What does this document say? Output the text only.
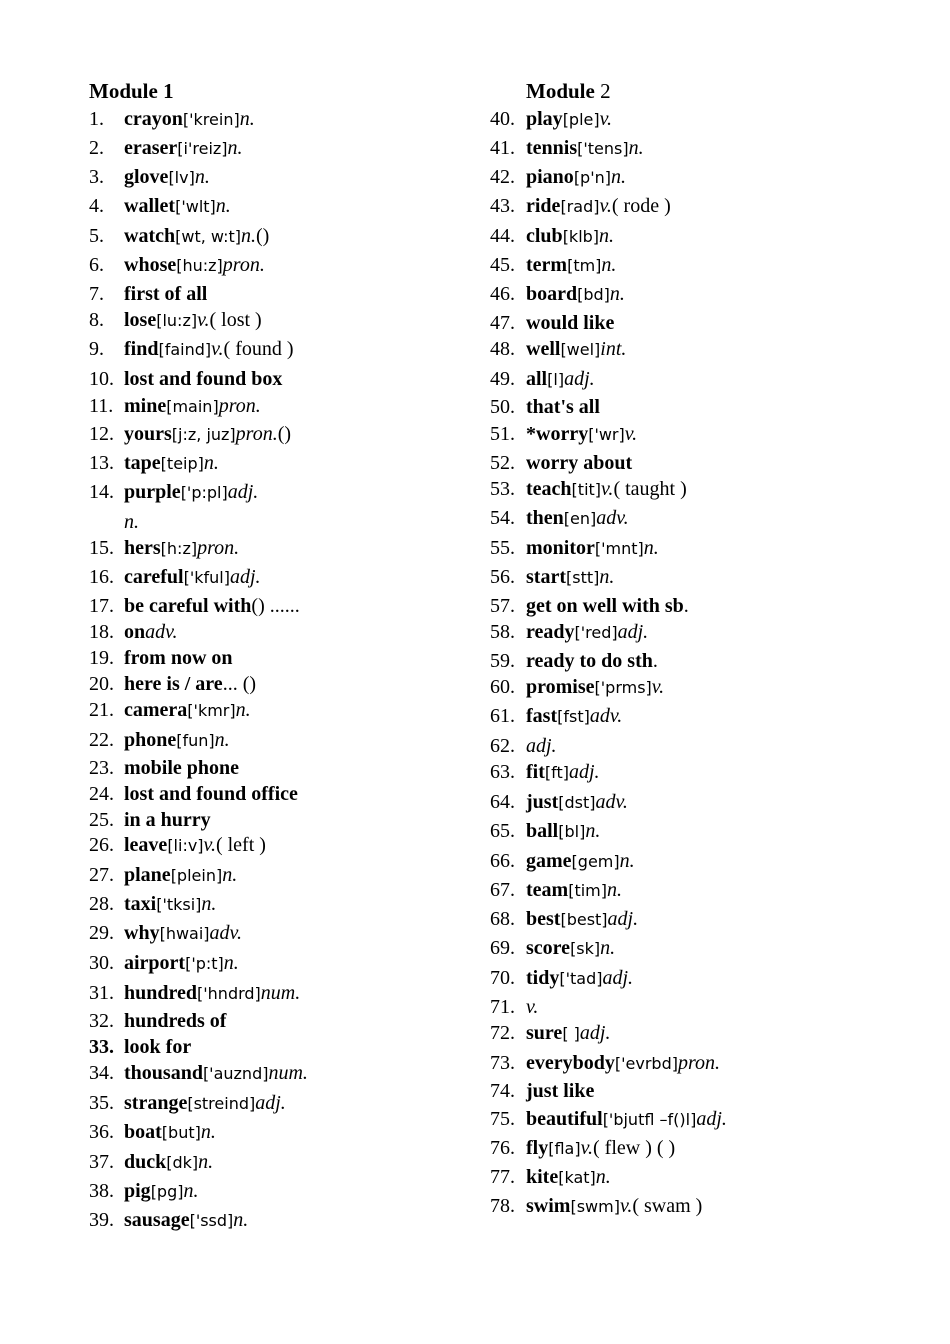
Module 1
1.	crayon ['krein] n.
2.	eraser [i'reiz] n.
3.	glove [lv] n.
4.	wallet ['wlt] n.
5.	watch [wt, w:t] n. ()
6.	whose [hu:z] pron.
7.	first of all
8.	lose [lu:z] v. ( lost )
9.	find [faind] v. ( found )
10. lost and found box
11. mine [main] pron.
12. yours [j:z, juz] pron. ()
13. tape [teip] n.
14. purple ['p:pl] adj.
n.
15. hers [h:z] pron.
16. careful ['kful] adj.
17. be careful with () ......
18. on adv.
19. from now on
20. here is / are ... ()
21. camera ['kmr] n.
22. phone [fun] n.
23. mobile phone
24. lost and found office
25. in a hurry
26. leave [li:v] v. ( left )
27. plane [plein] n.
28. taxi ['tksi] n.
29. why [hwai] adv.
30. airport ['p:t] n.
31. hundred ['hndrd] num.
32. hundreds of
33. look for
34. thousand ['auznd] num.
35. strange [streind] adj.
36. boat [but] n.
37. duck [dk] n.
38. pig [pg] n.
39. sausage ['ssd] n.
Module 2
40. play [ple] v.
41. tennis ['tens] n.
42. piano [p'n] n.
43. ride [rad] v. ( rode )
44. club [klb] n.
45. term [tm] n.
46. board [bd] n.
47. would like
48. well [wel] int.
49. all [l] adj.
50. that's all
51. *worry ['wr] v.
52. worry about
53. teach [tit] v. ( taught )
54. then [en] adv.
55. monitor ['mnt] n.
56. start [stt] n.
57. get on well with sb .
58. ready ['red] adj.
59. ready to do sth .
60. promise ['prms] v.
61. fast [fst] adv.
62. adj.
63. fit [ft] adj.
64. just [dst] adv.
65. ball [bl] n.
66. game [gem] n.
67. team [tim] n.
68. best [best] adj.
69. score [sk] n.
70. tidy ['tad] adj.
71. v.
72. sure [ ] adj.
73. everybody ['evrbd] pron.
74. just like
75. beautiful ['bjutfl –f()l] adj.
76. fly [fla] v. ( flew ) ( )
77. kite [kat] n.
78. swim [swm] v. ( swam )
